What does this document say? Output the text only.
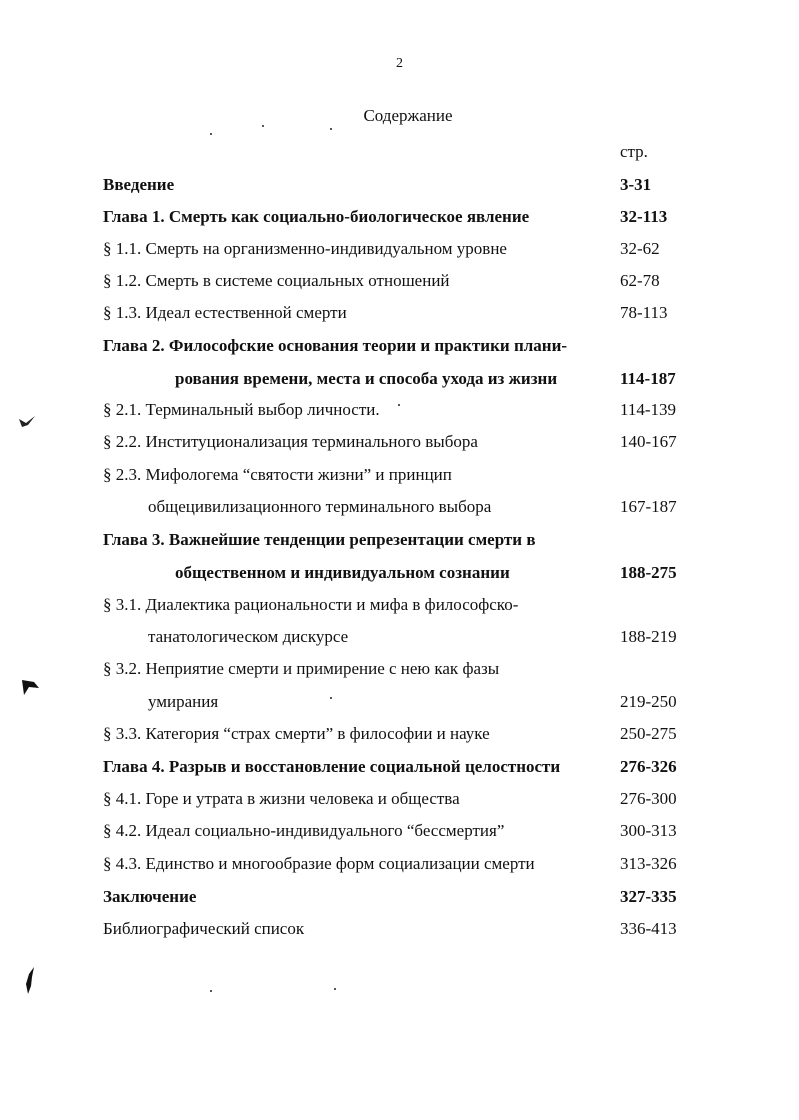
2
Содержание
стр.
Введение	3-31
Глава 1. Смерть как социально-биологическое явление	32-113
§ 1.1. Смерть на организменно-индивидуальном уровне	32-62
§ 1.2. Смерть в системе социальных отношений	62-78
§ 1.3. Идеал естественной смерти	78-113
Глава 2. Философские основания теории и практики плани-
рования времени, места и способа ухода из жизни	114-187
§ 2.1. Терминальный выбор личности.	114-139
§ 2.2. Институционализация терминального выбора	140-167
§ 2.3. Мифологема “святости жизни” и принцип
общецивилизационного терминального выбора	167-187
Глава 3. Важнейшие тенденции репрезентации смерти в
общественном и индивидуальном сознании	188-275
§ 3.1. Диалектика рациональности и мифа в философско-
танатологическом дискурсе	188-219
§ 3.2. Неприятие смерти и примирение с нею как фазы
умирания	219-250
§ 3.3. Категория “страх смерти” в философии и науке	250-275
Глава 4. Разрыв и восстановление социальной целостности	276-326
§ 4.1. Горе и утрата в жизни человека и общества	276-300
§ 4.2. Идеал социально-индивидуального “бессмертия”	300-313
§ 4.3. Единство и многообразие форм социализации смерти	313-326
Заключение	327-335
Библиографический список	336-413
